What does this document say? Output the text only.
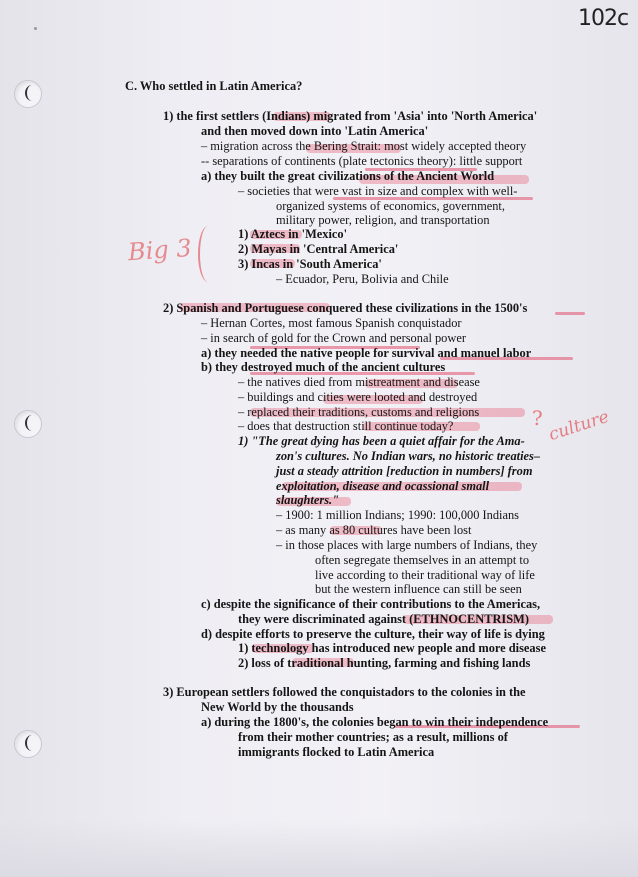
102c
Big 3
? culture
C. Who settled in Latin America?
1) the first settlers (Indians) migrated from 'Asia' into 'North America'
and then moved down into 'Latin America'
– migration across the Bering Strait: most widely accepted theory
-- separations of continents (plate tectonics theory): little support
a) they built the great civilizations of the Ancient World
– societies that were vast in size and complex with well-
organized systems of economics, government,
military power, religion, and transportation
1) Aztecs in 'Mexico'
2) Mayas in 'Central America'
3) Incas in 'South America'
– Ecuador, Peru, Bolivia and Chile
2) Spanish and Portuguese conquered these civilizations in the 1500's
– Hernan Cortes, most famous Spanish conquistador
– in search of gold for the Crown and personal power
a) they needed the native people for survival and manuel labor
b) they destroyed much of the ancient cultures
– the natives died from mistreatment and disease
– buildings and cities were looted and destroyed
– replaced their traditions, customs and religions
– does that destruction still continue today?
1) "The great dying has been a quiet affair for the Ama-
zon's cultures. No Indian wars, no historic treaties–
just a steady attrition [reduction in numbers] from
exploitation, disease and ocassional small
slaughters."
– 1900: 1 million Indians; 1990: 100,000 Indians
– as many as 80 cultures have been lost
– in those places with large numbers of Indians, they
often segregate themselves in an attempt to
live according to their traditional way of life
but the western influence can still be seen
c) despite the significance of their contributions to the Americas,
they were discriminated against (ETHNOCENTRISM)
d) despite efforts to preserve the culture, their way of life is dying
1) technology has introduced new people and more disease
2) loss of traditional hunting, farming and fishing lands
3) European settlers followed the conquistadors to the colonies in the
New World by the thousands
a) during the 1800's, the colonies began to win their independence
from their mother countries; as a result, millions of
immigrants flocked to Latin America
